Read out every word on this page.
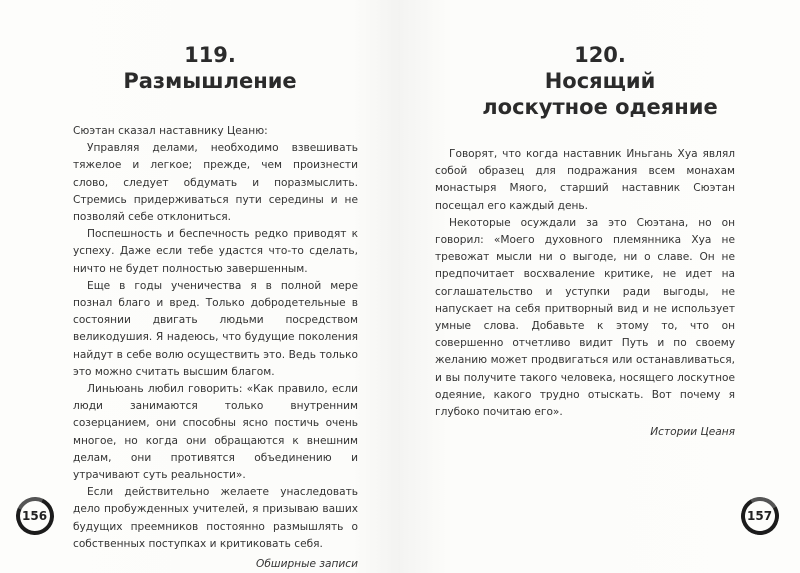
119.
Размышление

Сюэтан сказал наставнику Цеаню:

Управляя делами, необходимо взвешивать тяжелое и легкое; прежде, чем произнести слово, следует обдумать и поразмыслить. Стремись придерживаться пути середины и не позволяй себе отклониться.

Поспешность и беспечность редко приводят к успеху. Даже если тебе удастся что-то сделать, ничто не будет полностью завершенным.

Еще в годы ученичества я в полной мере познал благо и вред. Только добродетельные в состоянии двигать людьми посредством великодушия. Я надеюсь, что будущие поколения найдут в себе волю осуществить это. Ведь только это можно считать высшим благом.

Линьюань любил говорить: «Как правило, если люди занимаются только внутренним созерцанием, они способны ясно постичь очень многое, но когда они обращаются к внешним делам, они противятся объединению и утрачивают суть реальности».

Если действительно желаете унаследовать дело пробужденных учителей, я призываю ваших будущих преемников постоянно размышлять о собственных поступках и критиковать себя.

Обширные записи
156
120.
Носящий
лоскутное одеяние

Говорят, что когда наставник Иньгань Хуа являл собой образец для подражания всем монахам монастыря Мяого, старший наставник Сюэтан посещал его каждый день.

Некоторые осуждали за это Сюэтана, но он говорил: «Моего духовного племянника Хуа не тревожат мысли ни о выгоде, ни о славе. Он не предпочитает восхваление критике, не идет на соглашательство и уступки ради выгоды, не напускает на себя притворный вид и не использует умные слова. Добавьте к этому то, что он совершенно отчетливо видит Путь и по своему желанию может продвигаться или останавливаться, и вы получите такого человека, носящего лоскутное одеяние, какого трудно отыскать. Вот почему я глубоко почитаю его».

Истории Цеаня
157
